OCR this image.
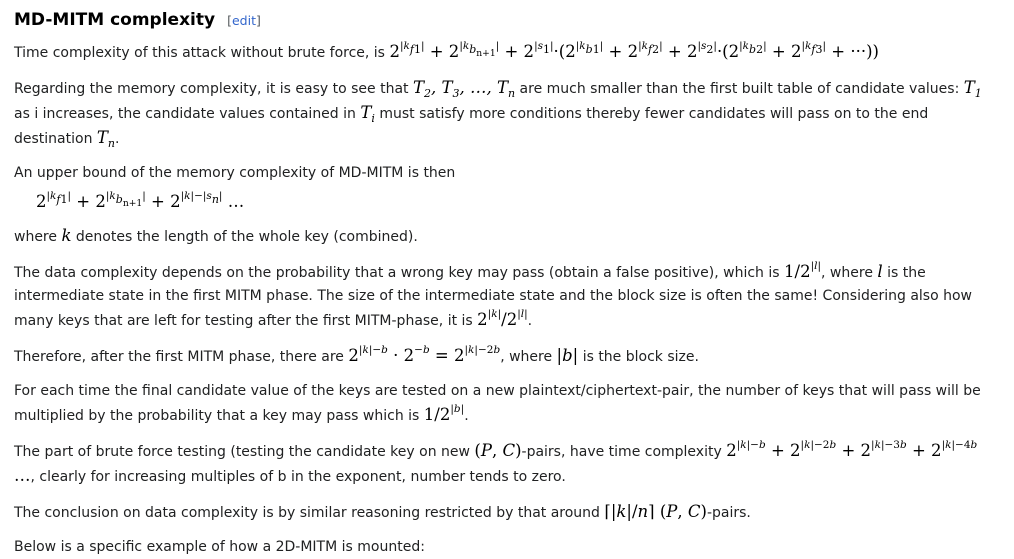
MD-MITM complexity [edit]

Time complexity of this attack without brute force, is $2^{|k_{f1}|} + 2^{|k_{b_{n+1}}|} + 2^{|s_1|}\cdot(2^{|k_{b1}|} + 2^{|k_{f2}|} + 2^{|s_2|}\cdot(2^{|k_{b2}|} + 2^{|k_{f3}|}$ + ···))

Regarding the memory complexity, it is easy to see that $T_2$, $T_3$, …, $T_n$ are much smaller than the first built table of candidate values: $T_1$ as i increases, the candidate values contained in $T_i$ must satisfy more conditions thereby fewer candidates will pass on to the end destination $T_n$.

An upper bound of the memory complexity of MD-MITM is then

$2^{|k_{f1}|} + 2^{|k_{b_{n+1}}|} + 2^{|k|-|s_n|}$ …

where k denotes the length of the whole key (combined).

The data complexity depends on the probability that a wrong key may pass (obtain a false positive), which is $1/2^{|l|}$, where l is the intermediate state in the first MITM phase. The size of the intermediate state and the block size is often the same! Considering also how many keys that are left for testing after the first MITM-phase, it is $2^{|k|}/2^{|l|}$.

Therefore, after the first MITM phase, there are $2^{|k|-b} \cdot 2^{-b} = 2^{|k|-2b}$, where |b| is the block size.

For each time the final candidate value of the keys are tested on a new plaintext/ciphertext-pair, the number of keys that will pass will be multiplied by the probability that a key may pass which is $1/2^{|b|}$.

The part of brute force testing (testing the candidate key on new (P, C)-pairs, have time complexity $2^{|k|-b} + 2^{|k|-2b} + 2^{|k|-3b} + 2^{|k|-4b}$ …, clearly for increasing multiples of b in the exponent, number tends to zero.

The conclusion on data complexity is by similar reasoning restricted by that around ⌈|k|/n⌉ (P, C)-pairs.

Below is a specific example of how a 2D-MITM is mounted:
